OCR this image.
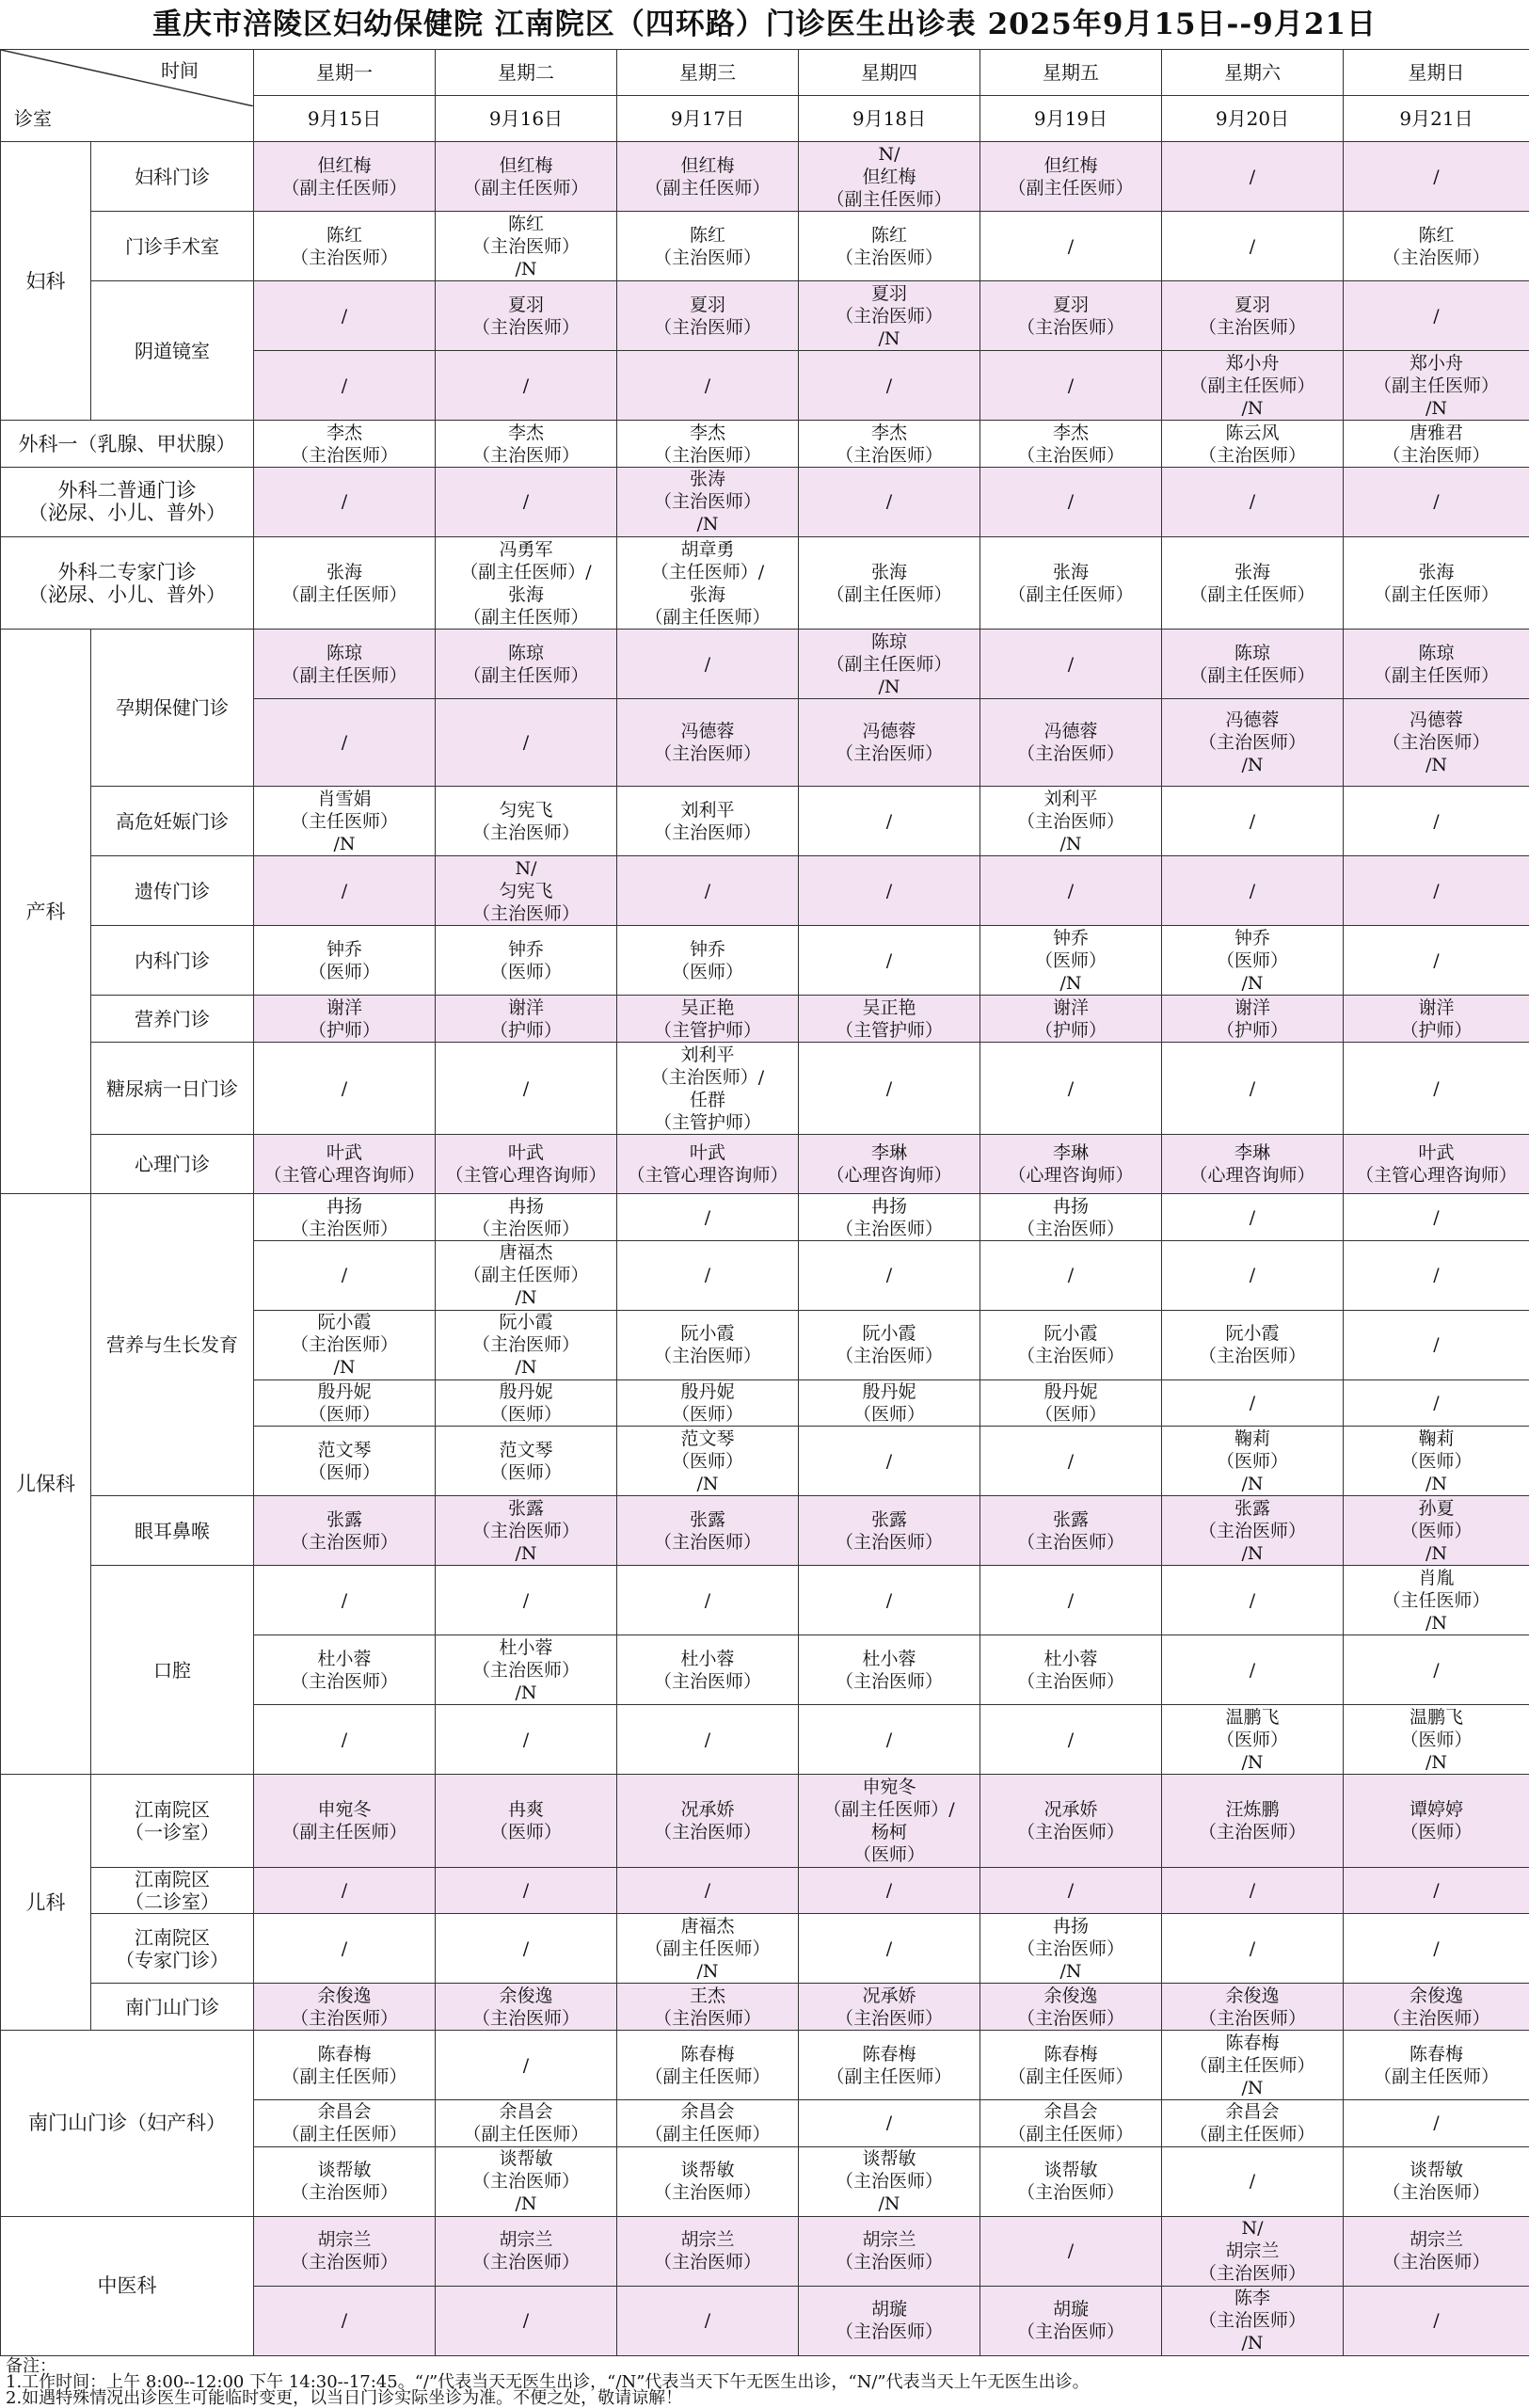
重庆市涪陵区妇幼保健院 江南院区（四环路）门诊医生出诊表 2025年9月15日--9月21日

时间

诊室		星期一	星期二	星期三	星期四	星期五	星期六	星期日
		9月15日	9月16日	9月17日	9月18日	9月19日	9月20日	9月21日
妇科	妇科门诊	但红梅
（副主任医师）	但红梅
（副主任医师）	但红梅
（副主任医师）	N/
但红梅
（副主任医师）	但红梅
（副主任医师）	/	/
	门诊手术室	陈红
（主治医师）	陈红
（主治医师）
/N	陈红
（主治医师）	陈红
（主治医师）	/	/	陈红
（主治医师）
	阴道镜室	/	夏羽
（主治医师）	夏羽
（主治医师）	夏羽
（主治医师）
/N	夏羽
（主治医师）	夏羽
（主治医师）	/
		/	/	/	/	/	郑小舟
（副主任医师）
/N	郑小舟
（副主任医师）
/N
外科一（乳腺、甲状腺）		李杰
（主治医师）	李杰
（主治医师）	李杰
（主治医师）	李杰
（主治医师）	李杰
（主治医师）	陈云风
（主治医师）	唐雅君
（主治医师）
外科二普通门诊
（泌尿、小儿、普外）		/	/	张涛
（主治医师）
/N	/	/	/	/
外科二专家门诊
（泌尿、小儿、普外）		张海
（副主任医师）	冯勇军
（副主任医师）/
张海
（副主任医师）	胡章勇
（主任医师）/
张海
（副主任医师）	张海
（副主任医师）	张海
（副主任医师）	张海
（副主任医师）	张海
（副主任医师）
产科	孕期保健门诊	陈琼
（副主任医师）	陈琼
（副主任医师）	/	陈琼
（副主任医师）
/N	/	陈琼
（副主任医师）	陈琼
（副主任医师）
		/	/	冯德蓉
（主治医师）	冯德蓉
（主治医师）	冯德蓉
（主治医师）	冯德蓉
（主治医师）
/N	冯德蓉
（主治医师）
/N
	高危妊娠门诊	肖雪娟
（主任医师）
/N	匀宪飞
（主治医师）	刘利平
（主治医师）	/	刘利平
（主治医师）
/N	/	/
	遗传门诊	/	N/
匀宪飞
（主治医师）	/	/	/	/	/
	内科门诊	钟乔
（医师）	钟乔
（医师）	钟乔
（医师）	/	钟乔
（医师）
/N	钟乔
（医师）
/N	/
	营养门诊	谢洋
（护师）	谢洋
（护师）	吴正艳
（主管护师）	吴正艳
（主管护师）	谢洋
（护师）	谢洋
（护师）	谢洋
（护师）
	糖尿病一日门诊	/	/	刘利平
（主治医师）/
任群
（主管护师）	/	/	/	/
	心理门诊	叶武
（主管心理咨询师）	叶武
（主管心理咨询师）	叶武
（主管心理咨询师）	李琳
（心理咨询师）	李琳
（心理咨询师）	李琳
（心理咨询师）	叶武
（主管心理咨询师）
儿保科	营养与生长发育	冉扬
（主治医师）	冉扬
（主治医师）	/	冉扬
（主治医师）	冉扬
（主治医师）	/	/
		/	唐福杰
（副主任医师）
/N	/	/	/	/	/
		阮小霞
（主治医师）
/N	阮小霞
（主治医师）
/N	阮小霞
（主治医师）	阮小霞
（主治医师）	阮小霞
（主治医师）	阮小霞
（主治医师）	/
		殷丹妮
（医师）	殷丹妮
（医师）	殷丹妮
（医师）	殷丹妮
（医师）	殷丹妮
（医师）	/	/
		范文琴
（医师）	范文琴
（医师）	范文琴
（医师）
/N	/	/	鞠莉
（医师）
/N	鞠莉
（医师）
/N
	眼耳鼻喉	张露
（主治医师）	张露
（主治医师）
/N	张露
（主治医师）	张露
（主治医师）	张露
（主治医师）	张露
（主治医师）
/N	孙夏
（医师）
/N
	口腔	/	/	/	/	/	/	肖胤
（主任医师）
/N
		杜小蓉
（主治医师）	杜小蓉
（主治医师）
/N	杜小蓉
（主治医师）	杜小蓉
（主治医师）	杜小蓉
（主治医师）	/	/
		/	/	/	/	/	温鹏飞
（医师）
/N	温鹏飞
（医师）
/N
儿科	江南院区
（一诊室）	申宛冬
（副主任医师）	冉爽
（医师）	况承娇
（主治医师）	申宛冬
（副主任医师）/
杨柯
（医师）	况承娇
（主治医师）	汪炼鹏
（主治医师）	谭婷婷
（医师）
	江南院区
（二诊室）	/	/	/	/	/	/	/
	江南院区
（专家门诊）	/	/	唐福杰
（副主任医师）
/N	/	冉扬
（主治医师）
/N	/	/
	南门山门诊	余俊逸
（主治医师）	余俊逸
（主治医师）	王杰
（主治医师）	况承娇
（主治医师）	余俊逸
（主治医师）	余俊逸
（主治医师）	余俊逸
（主治医师）
南门山门诊（妇产科）		陈春梅
（副主任医师）	/	陈春梅
（副主任医师）	陈春梅
（副主任医师）	陈春梅
（副主任医师）	陈春梅
（副主任医师）
/N	陈春梅
（副主任医师）
		余昌会
（副主任医师）	余昌会
（副主任医师）	余昌会
（副主任医师）	/	余昌会
（副主任医师）	余昌会
（副主任医师）	/
		谈帮敏
（主治医师）	谈帮敏
（主治医师）
/N	谈帮敏
（主治医师）	谈帮敏
（主治医师）
/N	谈帮敏
（主治医师）	/	谈帮敏
（主治医师）
中医科		胡宗兰
（主治医师）	胡宗兰
（主治医师）	胡宗兰
（主治医师）	胡宗兰
（主治医师）	/	N/
胡宗兰
（主治医师）	胡宗兰
（主治医师）
		/	/	/	胡璇
（主治医师）	胡璇
（主治医师）	陈李
（主治医师）
/N	/
备注：
1.工作时间：上午 8:00--12:00 下午 14:30--17:45。“/”代表当天无医生出诊，“/N”代表当天下午无医生出诊，“N/”代表当天上午无医生出诊。
2.如遇特殊情况出诊医生可能临时变更，以当日门诊实际坐诊为准。不便之处，敬请谅解！
